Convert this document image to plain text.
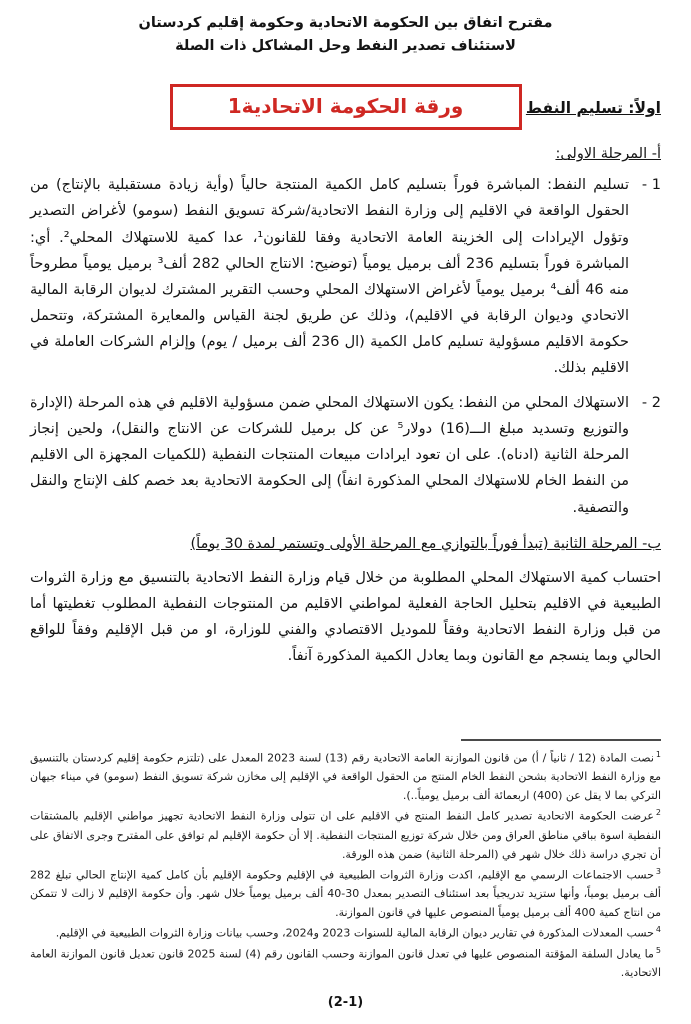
مقترح اتفاق بين الحكومة الاتحادية وحكومة إقليم كردستان
لاستئناف تصدير النفط وحل المشاكل ذات الصلة
ورقة الحكومة الاتحادية1	اولاً: تسليم النفط
أ- المرحلة الاولى:
1 -
تسليم النفط: المباشرة فوراً بتسليم كامل الكمية المنتجة حالياً (وأية زيادة مستقبلية بالإنتاج) من الحقول الواقعة في الاقليم إلى وزارة النفط الاتحادية/شركة تسويق النفط (سومو) لأغراض التصدير وتؤول الإيرادات إلى الخزينة العامة الاتحادية وفقا للقانون¹، عدا كمية للاستهلاك المحلي². أي: المباشرة فوراً بتسليم 236 ألف برميل يومياً (توضيح: الانتاج الحالي 282 ألف³ برميل يومياً مطروحاً منه 46 ألف⁴ برميل يومياً لأغراض الاستهلاك المحلي وحسب التقرير المشترك لديوان الرقابة المالية الاتحادي وديوان الرقابة في الاقليم)، وذلك عن طريق لجنة القياس والمعايرة المشتركة، وتتحمل حكومة الاقليم مسؤولية تسليم كامل الكمية (ال 236 ألف برميل / يوم) وإلزام الشركات العاملة في الاقليم بذلك.
2 -
الاستهلاك المحلي من النفط: يكون الاستهلاك المحلي ضمن مسؤولية الاقليم في هذه المرحلة (الإدارة والتوزيع وتسديد مبلغ الـــ(16) دولار⁵ عن كل برميل للشركات عن الانتاج والنقل)، ولحين إنجاز المرحلة الثانية (ادناه). على ان تعود ايرادات مبيعات المنتجات النفطية (للكميات المجهزة الى الاقليم من النفط الخام للاستهلاك المحلي المذكورة انفاً) إلى الحكومة الاتحادية بعد خصم كلف الإنتاج والنقل والتصفية.
ب- المرحلة الثانية (تبدأ فوراً بالتوازي مع المرحلة الأولى وتستمر لمدة 30 يوماً)
احتساب كمية الاستهلاك المحلي المطلوبة من خلال قيام وزارة النفط الاتحادية بالتنسيق مع وزارة الثروات الطبيعية في الاقليم بتحليل الحاجة الفعلية لمواطني الاقليم من المنتوجات النفطية المطلوب تغطيتها أما من قبل وزارة النفط الاتحادية وفقاً للموديل الاقتصادي والفني للوزارة، او من قبل الإقليم وفقاً للواقع الحالي وبما ينسجم مع القانون وبما يعادل الكمية المذكورة آنفاً.
$^1$نصت المادة (12 / ثانياً / أ) من قانون الموازنة العامة الاتحادية رقم (13) لسنة 2023 المعدل على (تلتزم حكومة إقليم كردستان بالتنسيق مع وزارة النفط الاتحادية بشحن النفط الخام المنتج من الحقول الواقعة في الإقليم إلى مخازن شركة تسويق النفط (سومو) في ميناء جيهان التركي بما لا يقل عن (400) اربعمائة ألف برميل يومياً..).
$^2$عرضت الحكومة الاتحادية تصدير كامل النفط المنتج في الاقليم على ان تتولى وزارة النفط الاتحادية تجهيز مواطني الإقليم بالمشتقات النفطية اسوة بباقي مناطق العراق ومن خلال شركة توزيع المنتجات النفطية. إلا أن حكومة الإقليم لم توافق على المقترح وجرى الاتفاق على أن تجري دراسة ذلك خلال شهر في (المرحلة الثانية) ضمن هذه الورقة.
$^3$حسب الاجتماعات الرسمي مع الإقليم، اكدت وزارة الثروات الطبيعية في الإقليم وحكومة الإقليم بأن كامل كمية الإنتاج الحالي تبلغ 282 ألف برميل يومياً، وأنها ستزيد تدريجياً بعد استئناف التصدير بمعدل 30-40 ألف برميل يومياً خلال شهر. وأن حكومة الإقليم لا زالت لا تتمكن من انتاج كمية 400 ألف برميل يومياً المنصوص عليها في قانون الموازنة.
$^4$حسب المعدلات المذكورة في تقارير ديوان الرقابة المالية للسنوات 2023 و2024، وحسب بيانات وزارة الثروات الطبيعية في الإقليم.
$^5$ما يعادل السلفة المؤقتة المنصوص عليها في تعدل قانون الموازنة وحسب القانون رقم (4) لسنة 2025 قانون تعديل قانون الموازنة العامة الاتحادية.
(2-1)
